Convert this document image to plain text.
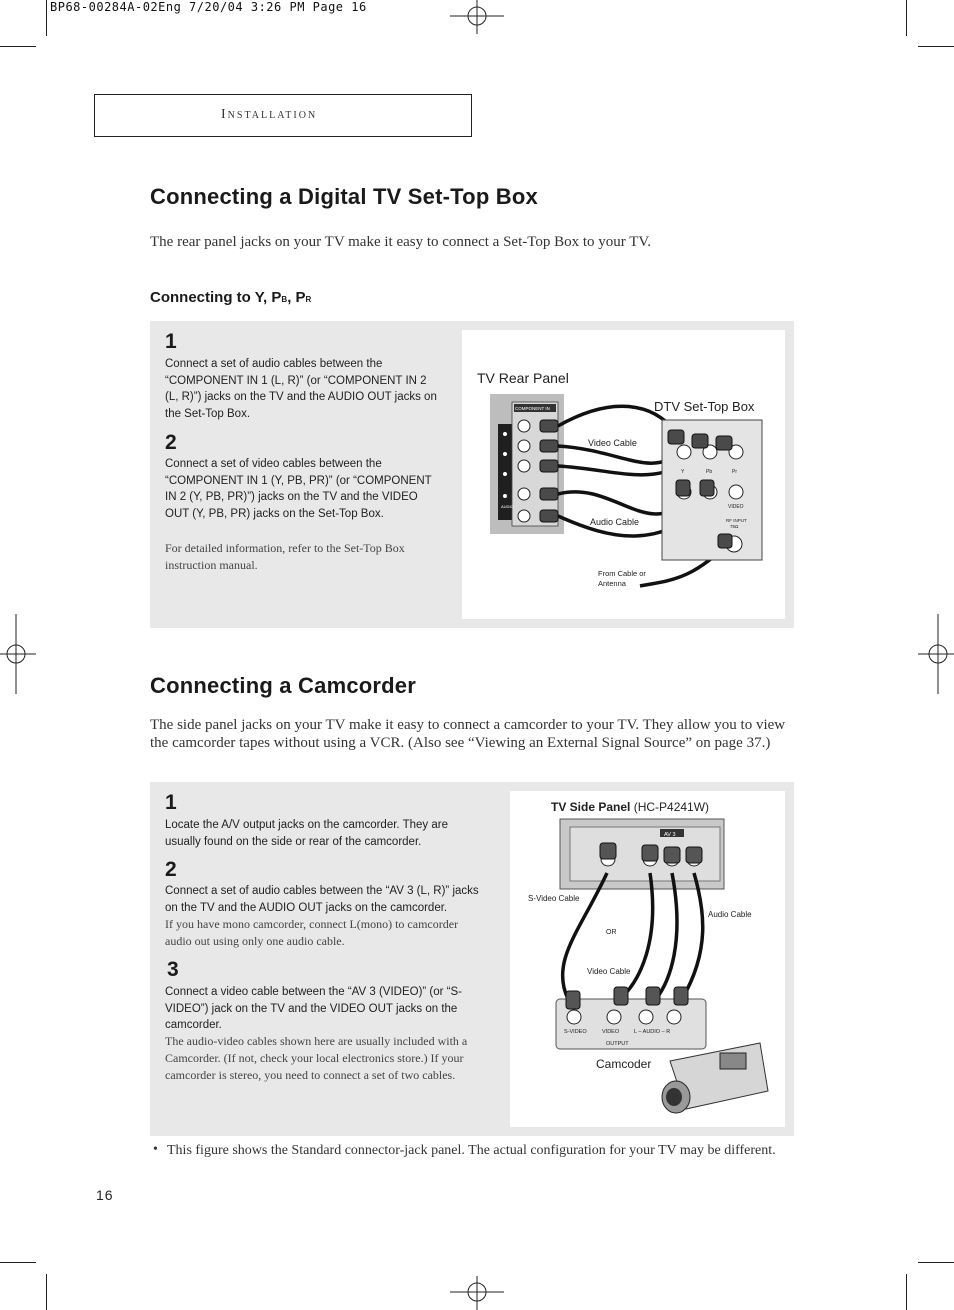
BP68-00284A-02Eng 7/20/04 3:26 PM Page 16
Installation
Connecting a Digital TV Set-Top Box
The rear panel jacks on your TV make it easy to connect a Set-Top Box to your TV.
Connecting to Y, PB, PR
1
Connect a set of audio cables between the “COMPONENT IN 1 (L, R)” (or “COMPONENT IN 2 (L, R)”) jacks on the TV and the AUDIO OUT jacks on the Set-Top Box.
2
Connect a set of video cables between the “COMPONENT IN 1 (Y, PB, PR)” (or “COMPONENT IN 2 (Y, PB, PR)”) jacks on the TV and the VIDEO OUT (Y, PB, PR) jacks on the Set-Top Box.
For detailed information, refer to the Set-Top Box instruction manual.
TV Rear Panel
DTV Set-Top Box
Video Cable
Audio Cable
From Cable or
Antenna
COMPONENT IN
AUDIO
Y	Pb	Pr
VIDEO
RF INPUT
75Ω
Connecting a Camcorder
The side panel jacks on your TV make it easy to connect a camcorder to your TV. They allow you to view the camcorder tapes without using a VCR. (Also see “Viewing an External Signal Source” on page 37.)
1
Locate the A/V output jacks on the camcorder. They are usually found on the side or rear of the camcorder.
2
Connect a set of audio cables between the “AV 3 (L, R)” jacks on the TV and the AUDIO OUT jacks on the camcorder.
If you have mono camcorder, connect L(mono) to camcorder audio out using only one audio cable.
3
Connect a video cable between the “AV 3 (VIDEO)” (or “S-VIDEO”) jack on the TV and the VIDEO OUT jacks on the camcorder.
The audio-video cables shown here are usually included with a Camcorder. (If not, check your local electronics store.) If your camcorder is stereo, you need to connect a set of two cables.
TV Side Panel (HC-P4241W)
AV 3
S-Video Cable
Audio Cable
OR
Video Cable
S-VIDEO	VIDEO	L – AUDIO – R
OUTPUT
Camcoder
• This figure shows the Standard connector-jack panel. The actual configuration for your TV may be different.
16
